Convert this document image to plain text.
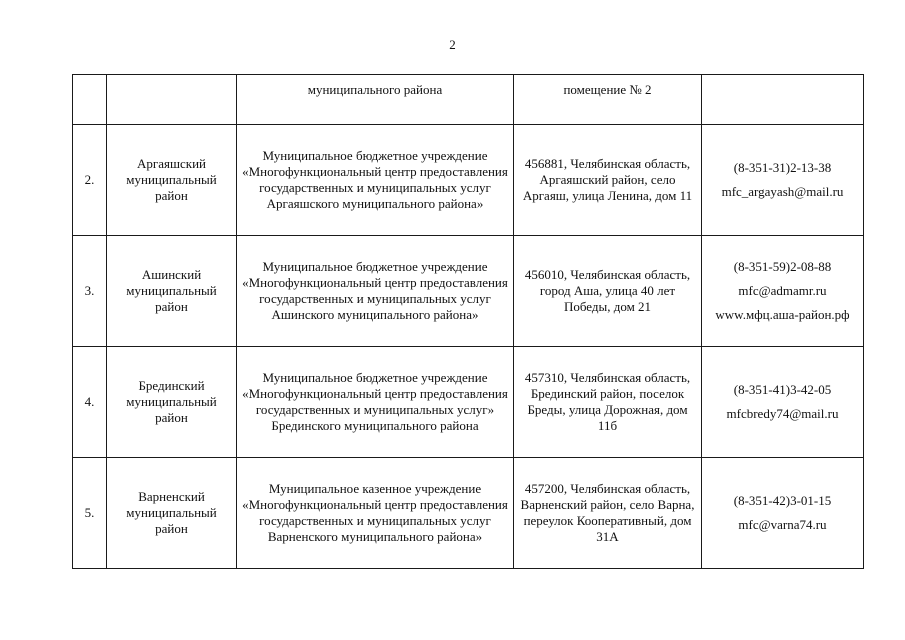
2
		муниципального района	помещение № 2	
2.	Аргаяшский муниципальный район	Муниципальное бюджетное учреждение «Многофункциональный центр предоставления государственных и муниципальных услуг Аргаяшского муниципального района»	456881, Челябинская область, Аргаяшский район, село Аргаяш, улица Ленина, дом 11	(8-351-31)2-13-38
mfc_argayash@mail.ru

3.	Ашинский муниципальный район	Муниципальное бюджетное учреждение «Многофункциональный центр предоставления государственных и муниципальных услуг Ашинского муниципального района»	456010, Челябинская область, город Аша, улица 40 лет Победы, дом 21	(8-351-59)2-08-88
mfc@admamr.ru
www.мфц.аша-район.рф

4.	Брединский муниципальный район	Муниципальное бюджетное учреждение «Многофункциональный центр предоставления государственных и муниципальных услуг» Брединского муниципального района	457310, Челябинская область, Брединский район, поселок Бреды, улица Дорожная, дом 11б	(8-351-41)3-42-05
mfcbredy74@mail.ru

5.	Варненский муниципальный район	Муниципальное казенное учреждение «Многофункциональный центр предоставления государственных и муниципальных услуг Варненского муниципального района»	457200, Челябинская область, Варненский район, село Варна, переулок Кооперативный, дом 31А	(8-351-42)3-01-15
mfc@varna74.ru
